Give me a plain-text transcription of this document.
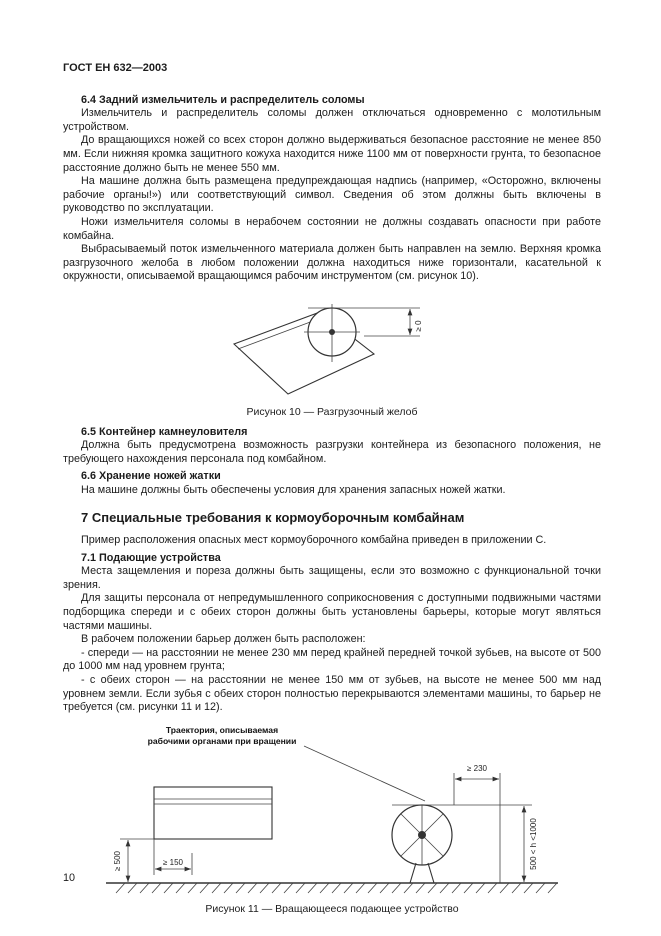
ГОСТ ЕН 632—2003
6.4 Задний измельчитель и распределитель соломы

Измельчитель и распределитель соломы должен отключаться одновременно с молотильным устройством.

До вращающихся ножей со всех сторон должно выдерживаться безопасное расстояние не менее 850 мм. Если нижняя кромка защитного кожуха находится ниже 1100 мм от поверхности грунта, то безопасное расстояние должно быть не менее 550 мм.

На машине должна быть размещена предупреждающая надпись (например, «Осторожно, включены рабочие органы!») или соответствующий символ. Сведения об этом должны быть включены в руководство по эксплуатации.

Ножи измельчителя соломы в нерабочем состоянии не должны создавать опасности при работе комбайна.

Выбрасываемый поток измельченного материала должен быть направлен на землю. Верхняя кромка разгрузочного желоба в любом положении должна находиться ниже горизонтали, касательной к окружности, описываемой вращающимся рабочим инструментом (см. рисунок 10).

≥ 0
Рисунок 10 — Разгрузочный желоб
6.5 Контейнер камнеуловителя

Должна быть предусмотрена возможность разгрузки контейнера из безопасного положения, не требующего нахождения персонала под комбайном.

6.6 Хранение ножей жатки

На машине должны быть обеспечены условия для хранения запасных ножей жатки.

7 Специальные требования к кормоуборочным комбайнам

Пример расположения опасных мест кормоуборочного комбайна приведен в приложении С.

7.1 Подающие устройства

Места защемления и пореза должны быть защищены, если это возможно с функциональной точки зрения.

Для защиты персонала от непредумышленного соприкосновения с доступными подвижными частями подборщика спереди и с обеих сторон должны быть установлены барьеры, которые могут являться частями машины.

В рабочем положении барьер должен быть расположен:

- спереди — на расстоянии не менее 230 мм перед крайней передней точкой зубьев, на высоте от 500 до 1000 мм над уровнем грунта;

- с обеих сторон — на расстоянии не менее 150 мм от зубьев, на высоте не менее 500 мм над уровнем земли. Если зубья с обеих сторон полностью перекрываются элементами машины, то барьер не требуется (см. рисунки 11 и 12).

Траектория, описываемая
рабочими органами при вращении
≥ 230
500 < h <1000
≥ 500	≥ 150
Рисунок 11 — Вращающееся подающее устройство
10
